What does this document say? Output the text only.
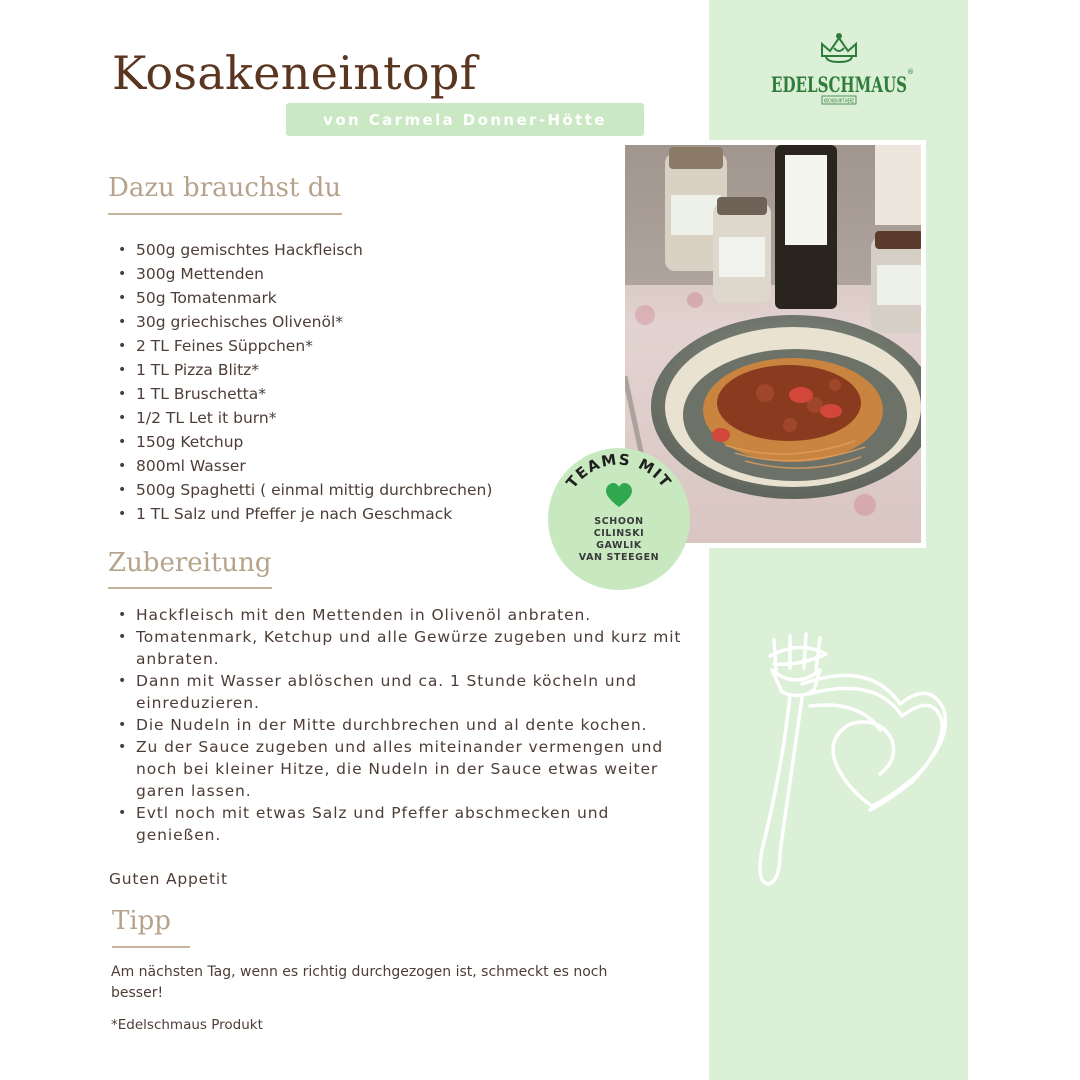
Kosakeneintopf
von Carmela Donner-Hötte
EDELSCHMAUS ®
KOCHEN MIT HERZ
Dazu brauchst du
• 500g gemischtes Hackfleisch
• 300g Mettenden
• 50g Tomatenmark
• 30g griechisches Olivenöl*
• 2 TL Feines Süppchen*
• 1 TL Pizza Blitz*
• 1 TL Bruschetta*
• 1/2 TL Let it burn*
• 150g Ketchup
• 800ml Wasser
• 500g Spaghetti ( einmal mittig durchbrechen)
• 1 TL Salz und Pfeffer je nach Geschmack
Zubereitung
• Hackfleisch mit den Mettenden in Olivenöl anbraten.
• Tomatenmark, Ketchup und alle Gewürze zugeben und kurz mit anbraten.
• Dann mit Wasser ablöschen und ca. 1 Stunde köcheln und einreduzieren.
• Die Nudeln in der Mitte durchbrechen und al dente kochen.
• Zu der Sauce zugeben und alles miteinander vermengen und noch bei kleiner Hitze, die Nudeln in der Sauce etwas weiter garen lassen.
• Evtl noch mit etwas Salz und Pfeffer abschmecken und genießen.

Guten Appetit

Tipp

Am nächsten Tag, wenn es richtig durchgezogen ist, schmeckt es noch besser!

*Edelschmaus Produkt

TEAMS MIT
SCHOON
CILINSKI
GAWLIK
VAN STEEGEN
